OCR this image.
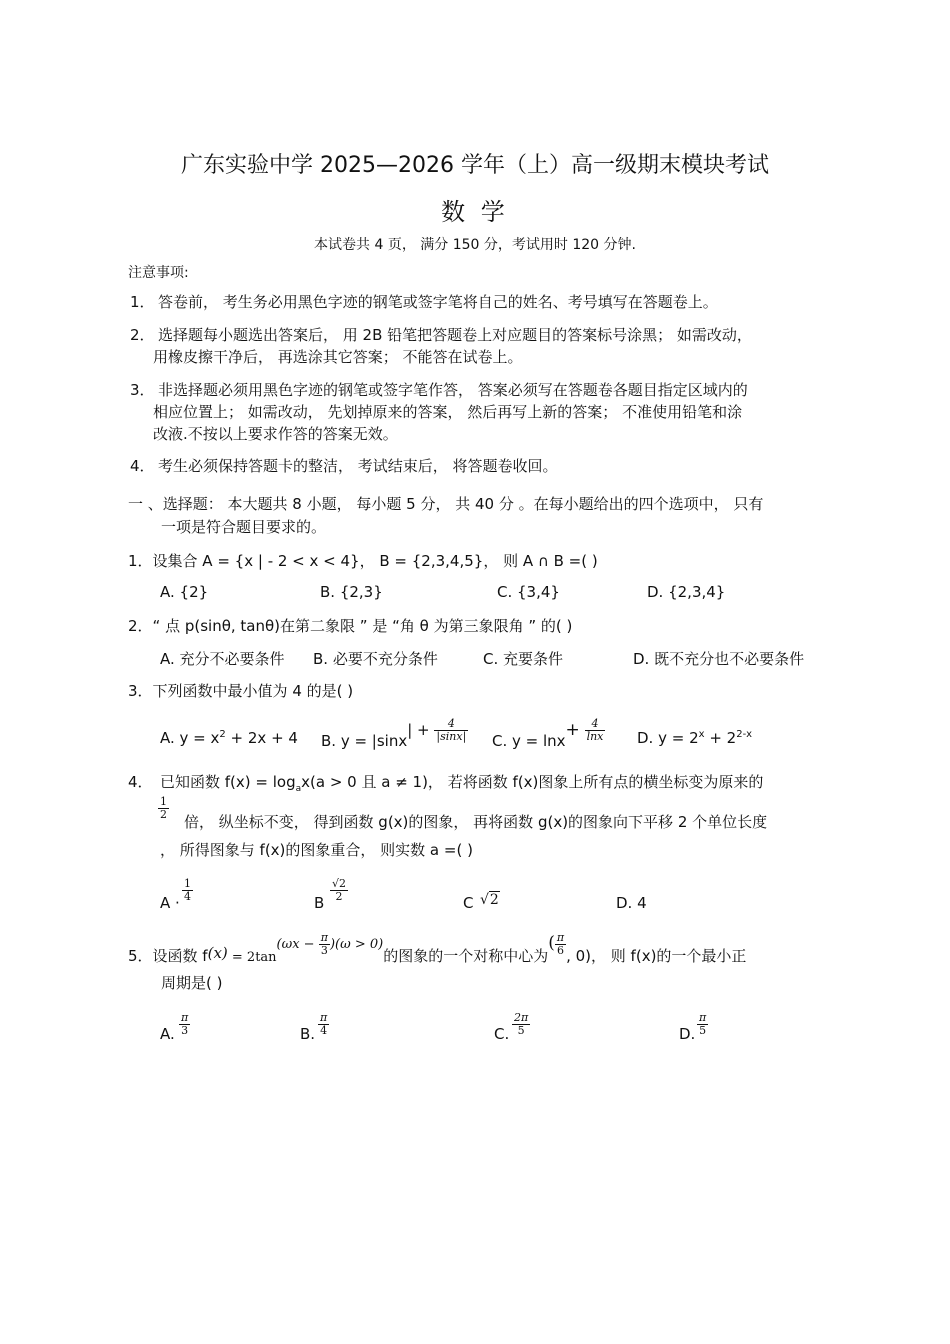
广东实验中学 2025—2026 学年（上）高一级期末模块考试
数 学
本试卷共 4 页， 满分 150 分，考试用时 120 分钟.
注意事项:
1． 答卷前， 考生务必用黑色字迹的钢笔或签字笔将自己的姓名、考号填写在答题卷上。
2． 选择题每小题选出答案后， 用 2B 铅笔把答题卷上对应题目的答案标号涂黑； 如需改动，
用橡皮擦干净后， 再选涂其它答案； 不能答在试卷上。
3． 非选择题必须用黑色字迹的钢笔或签字笔作答， 答案必须写在答题卷各题目指定区域内的
相应位置上； 如需改动， 先划掉原来的答案， 然后再写上新的答案； 不准使用铅笔和涂
改液.不按以上要求作答的答案无效。
4． 考生必须保持答题卡的整洁， 考试结束后， 将答题卷收回。
一 、选择题： 本大题共 8 小题， 每小题 5 分， 共 40 分 。在每小题给出的四个选项中， 只有
一项是符合题目要求的。
1．设集合 A = {x | - 2 < x < 4}， B = {2,3,4,5}， 则 A ∩ B =( )
A. {2}	B. {2,3}	C. {3,4}	D. {2,3,4}
2．“ 点 p(sinθ, tanθ)在第二象限 ” 是 “角 θ 为第三象限角 ” 的( )
A. 充分不必要条件 B. 必要不充分条件	C. 充要条件	D. 既不充分也不必要条件
3．下列函数中最小值为 4 的是( )
A. $y = x^2 + 2x + 4$ B. $y = |\sin x| + \frac{4}{|\sin x|} C$. $y = \ln x+ \frac{4}{\ln x} D$. $y = 2^x + 2^{2-x}$
4． 已知函数 $f(x) = \log_ax(a > 0$ 且 a ≠ 1)， 若将函数 f(x)图象上所有点的横坐标变为原来的
$\frac{1}{2}$
倍， 纵坐标不变， 得到函数 g(x)的图象， 再将函数 g(x)的图象向下平移 2 个单位长度
， 所得图象与 f(x)的图象重合， 则实数 a =( )
$A \cdot \frac{1}{4}$	B $\frac{√2}{2}$	C √2	D. 4
5．设函数 $f(x) = 2\tan(\omega x - \frac{\pi}{3} )(\omega > 0)$的图象的一个对称中心为( $\frac{\pi}{6}$ , 0)， 则 f(x)的一个最小正
周期是( )
A. $\frac{\pi}{3}$	B. $\frac{\pi}{4}$	C. $\frac{2\pi}{5}$	D. $\frac{\pi}{5}$
